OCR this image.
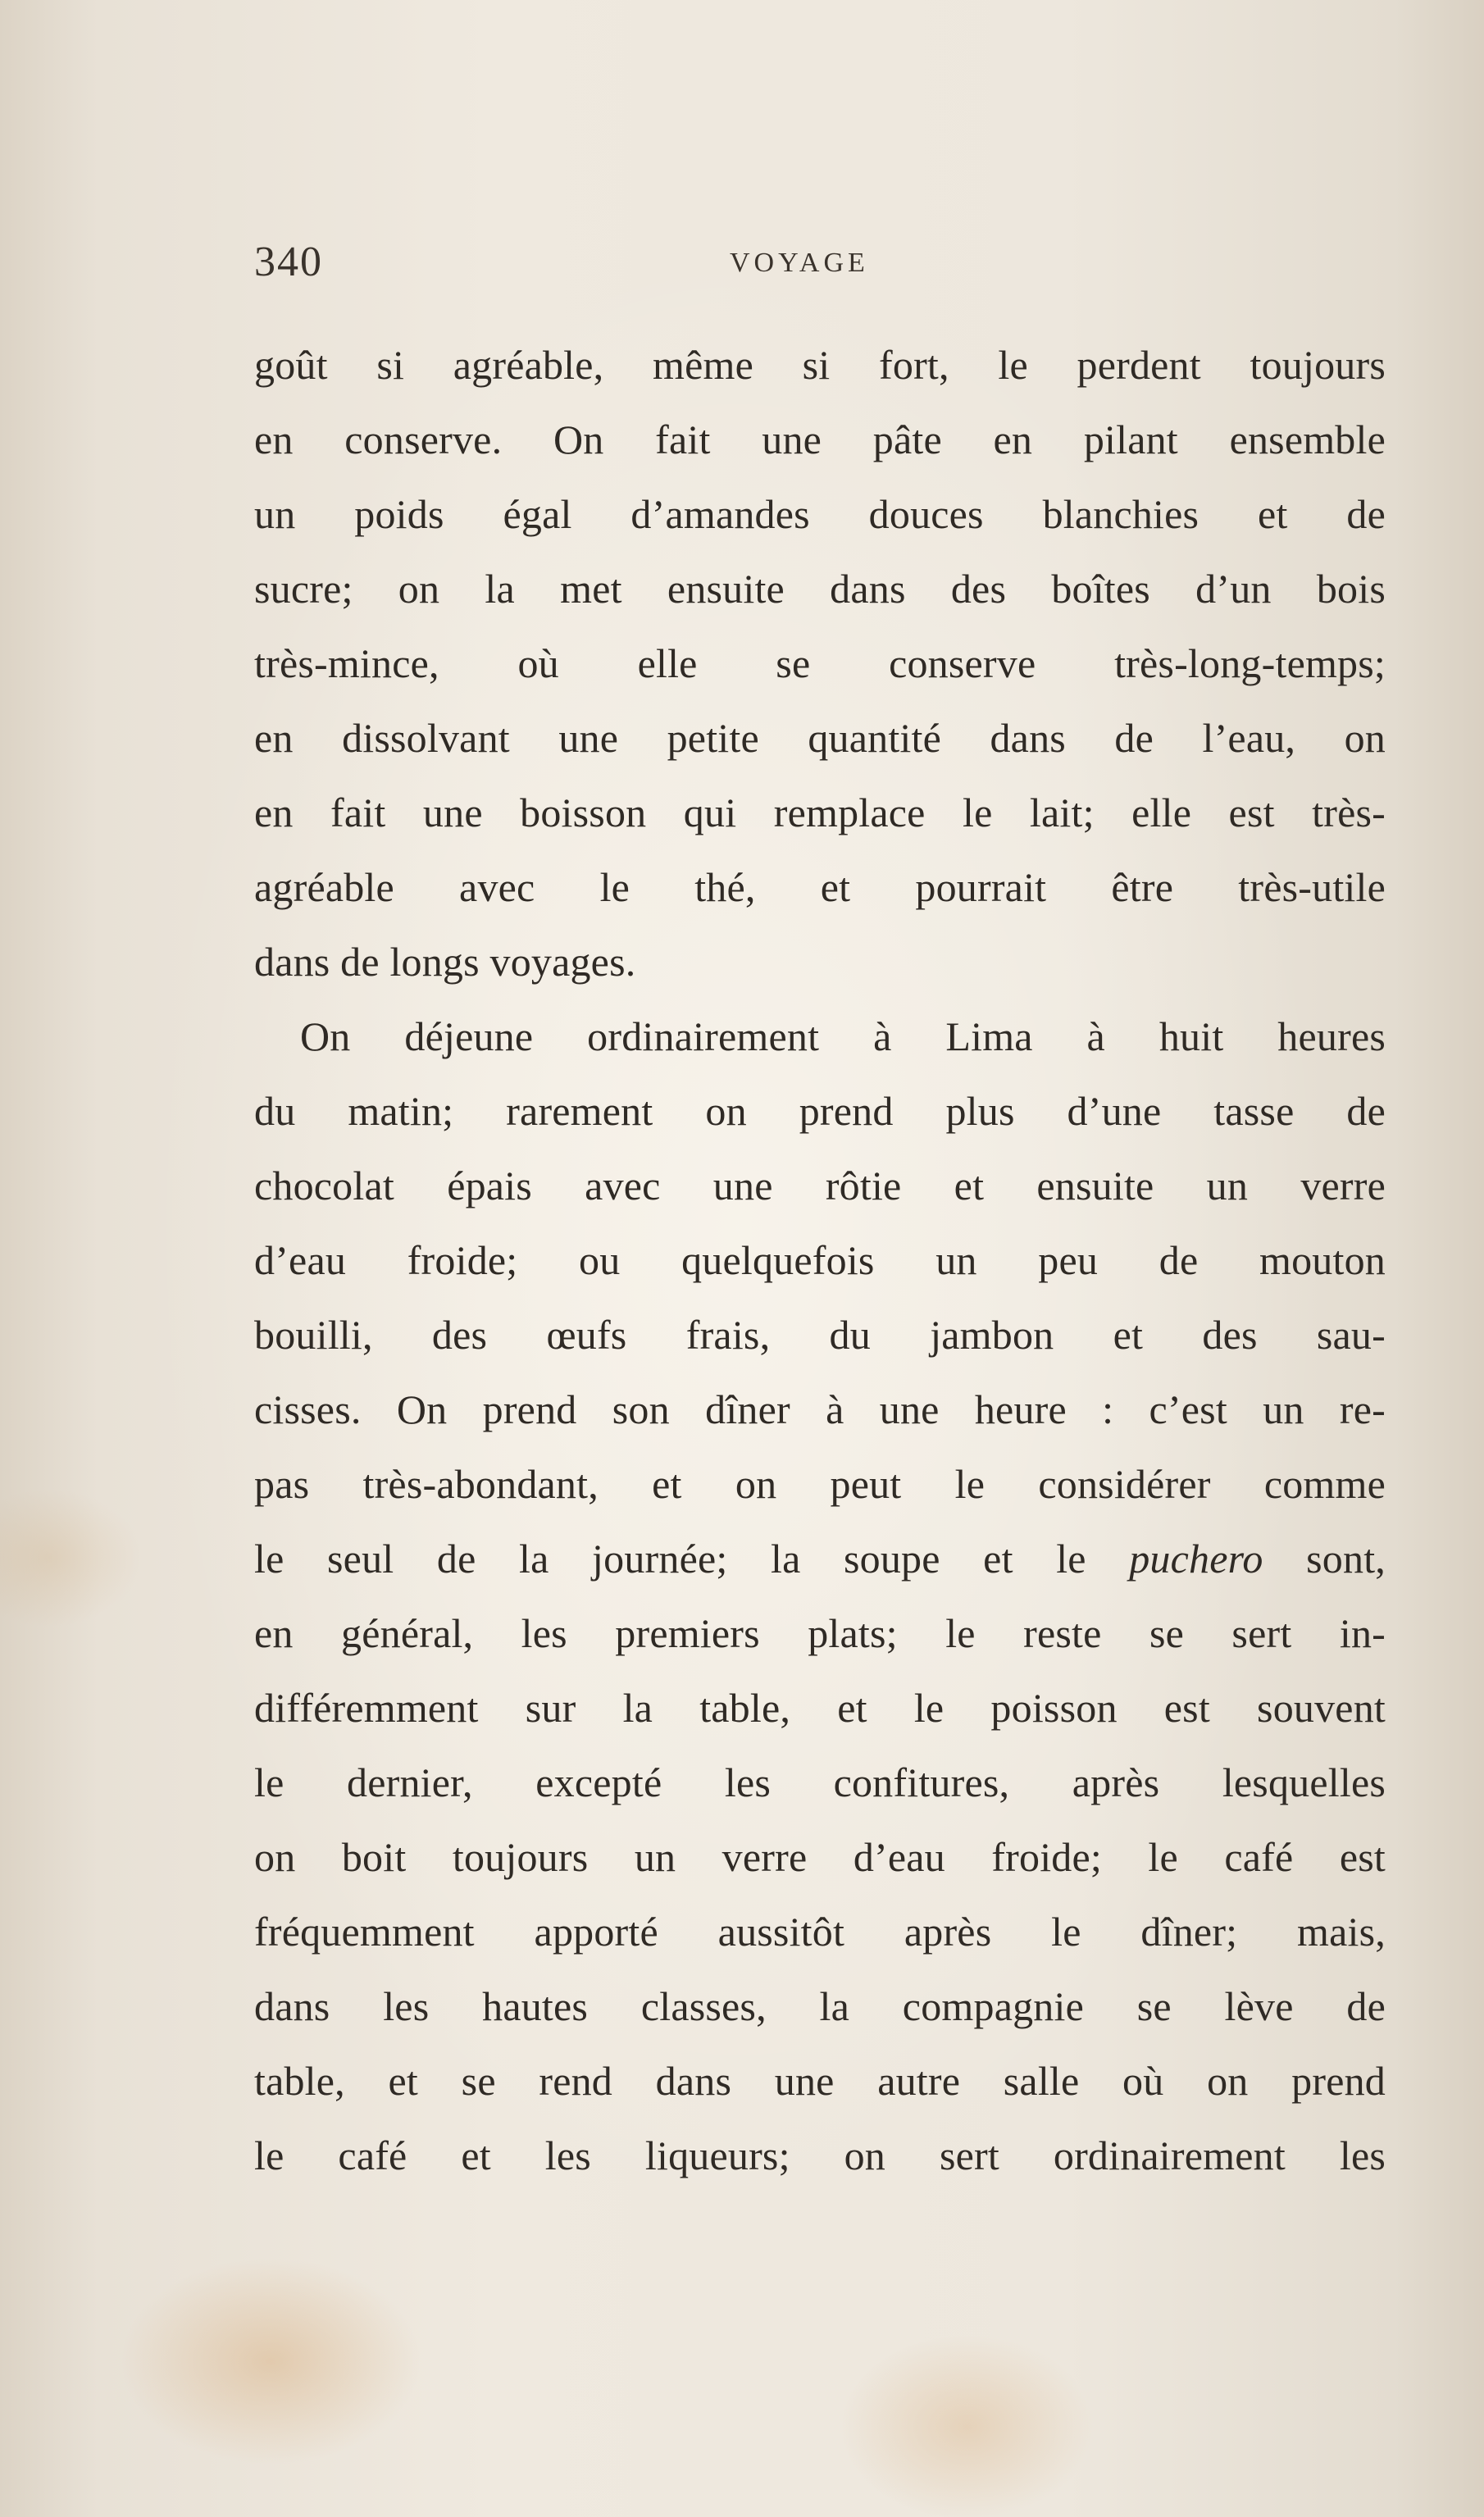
340	VOYAGE
goût si agréable, même si fort, le perdent toujours
en conserve. On fait une pâte en pilant ensemble
un poids égal d’amandes douces blanchies et de
sucre; on la met ensuite dans des boîtes d’un bois
très-mince, où elle se conserve très-long-temps;
en dissolvant une petite quantité dans de l’eau, on
en fait une boisson qui remplace le lait; elle est très-
agréable avec le thé, et pourrait être très-utile
dans de longs voyages.
On déjeune ordinairement à Lima à huit heures
du matin; rarement on prend plus d’une tasse de
chocolat épais avec une rôtie et ensuite un verre
d’eau froide; ou quelquefois un peu de mouton
bouilli, des œufs frais, du jambon et des sau-
cisses. On prend son dîner à une heure : c’est un re-
pas très-abondant, et on peut le considérer comme
le seul de la journée; la soupe et le puchero sont,
en général, les premiers plats; le reste se sert in-
différemment sur la table, et le poisson est souvent
le dernier, excepté les confitures, après lesquelles
on boit toujours un verre d’eau froide; le café est
fréquemment apporté aussitôt après le dîner; mais,
dans les hautes classes, la compagnie se lève de
table, et se rend dans une autre salle où on prend
le café et les liqueurs; on sert ordinairement les
